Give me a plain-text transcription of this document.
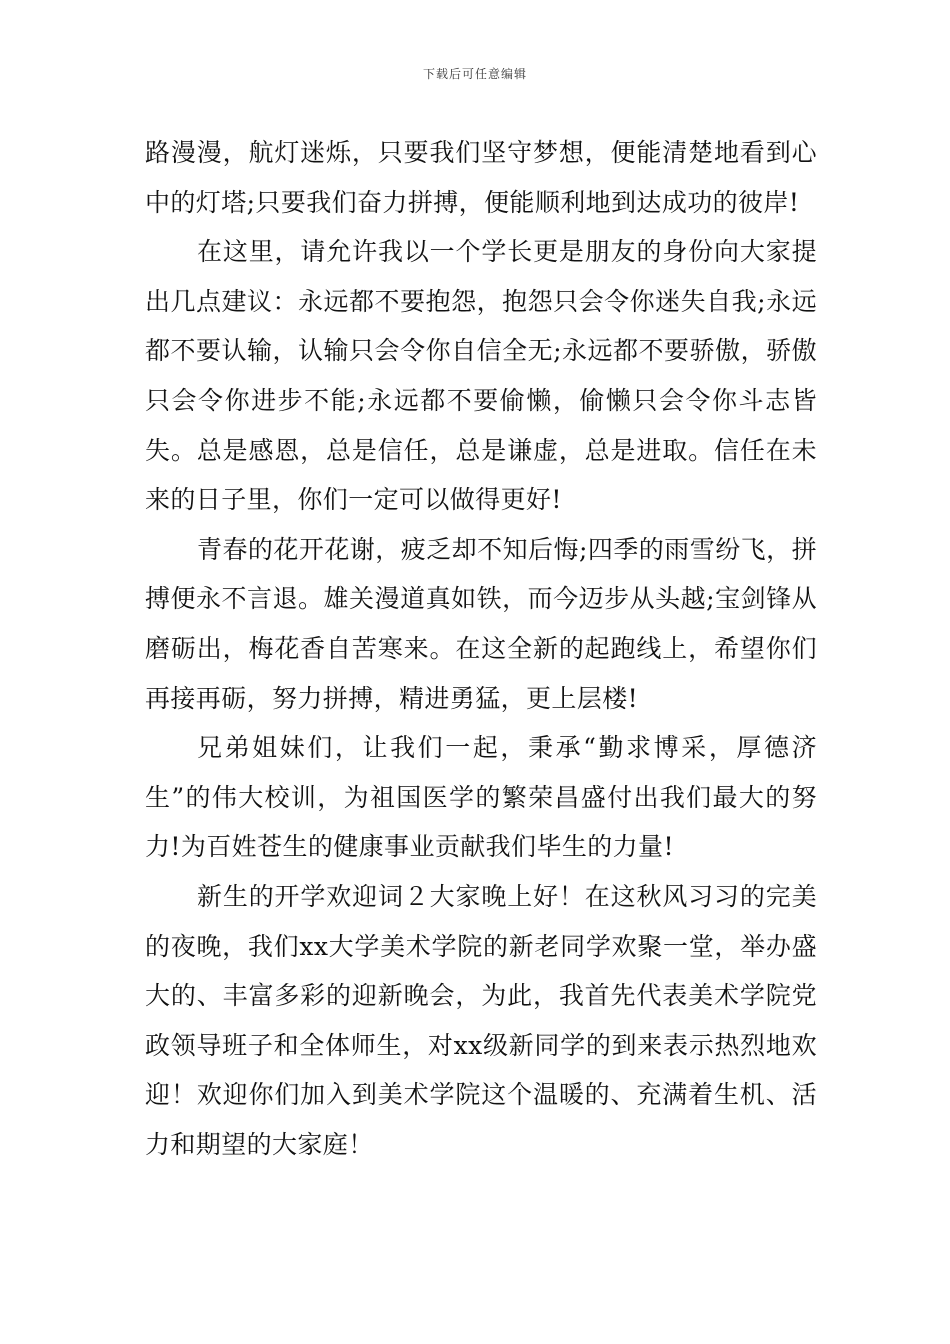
下载后可任意编辑

路漫漫，航灯迷烁，只要我们坚守梦想，便能清楚地看到心中的灯塔;只要我们奋力拼搏，便能顺利地到达成功的彼岸!

在这里，请允许我以一个学长更是朋友的身份向大家提出几点建议：永远都不要抱怨，抱怨只会令你迷失自我;永远都不要认输，认输只会令你自信全无;永远都不要骄傲，骄傲只会令你进步不能;永远都不要偷懒，偷懒只会令你斗志皆失。总是感恩，总是信任，总是谦虚，总是进取。信任在未来的日子里，你们一定可以做得更好!

青春的花开花谢，疲乏却不知后悔;四季的雨雪纷飞，拼搏便永不言退。雄关漫道真如铁，而今迈步从头越;宝剑锋从磨砺出，梅花香自苦寒来。在这全新的起跑线上，希望你们再接再砺，努力拼搏，精进勇猛，更上层楼!

兄弟姐妹们，让我们一起，秉承“勤求博采，厚德济生”的伟大校训，为祖国医学的繁荣昌盛付出我们最大的努力!为百姓苍生的健康事业贡献我们毕生的力量!

新生的开学欢迎词２大家晚上好！在这秋风习习的完美的夜晚，我们xx大学美术学院的新老同学欢聚一堂，举办盛大的、丰富多彩的迎新晚会，为此，我首先代表美术学院党政领导班子和全体师生，对xx级新同学的到来表示热烈地欢迎！欢迎你们加入到美术学院这个温暖的、充满着生机、活力和期望的大家庭！
